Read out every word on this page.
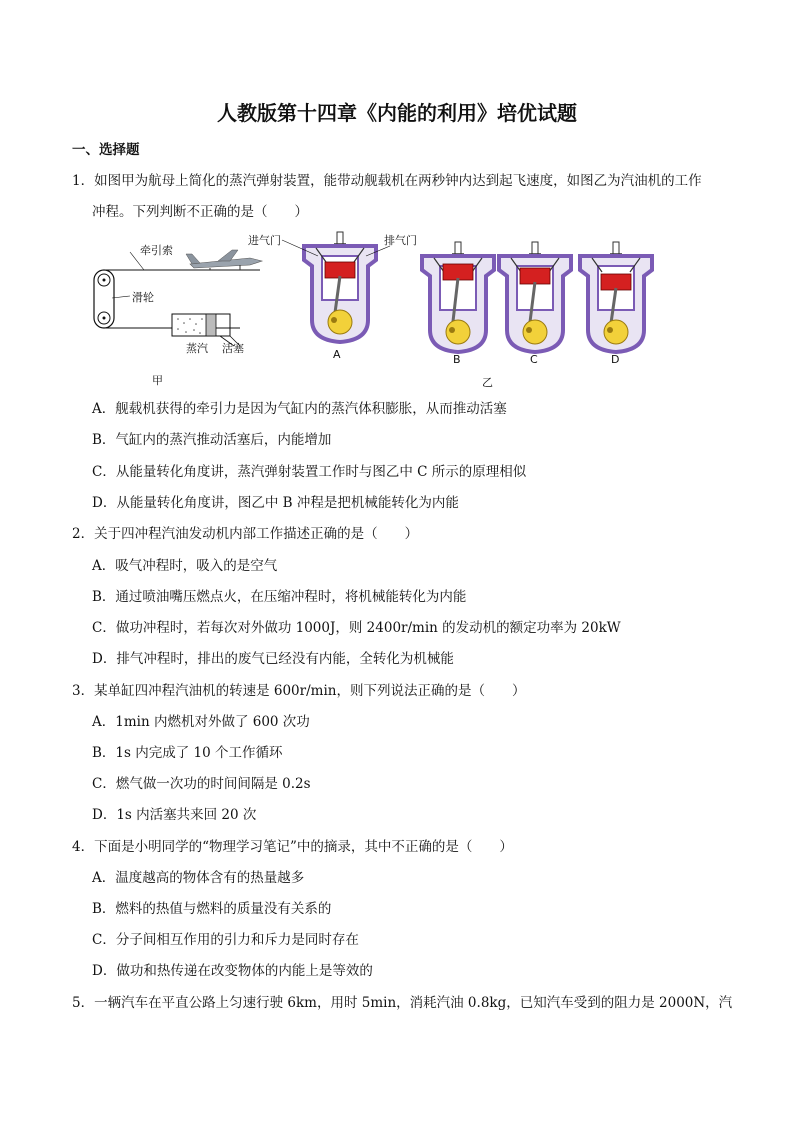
人教版第十四章《内能的利用》培优试题
一、选择题
1．如图甲为航母上简化的蒸汽弹射装置，能带动舰载机在两秒钟内达到起飞速度，如图乙为汽油机的工作
冲程。下列判断不正确的是（　　）
牵引索
滑轮
蒸汽 活塞
甲
进气门	排气门
乙
A	B	C	D
A．舰载机获得的牵引力是因为气缸内的蒸汽体积膨胀，从而推动活塞
B．气缸内的蒸汽推动活塞后，内能增加
C．从能量转化角度讲，蒸汽弹射装置工作时与图乙中 C 所示的原理相似
D．从能量转化角度讲，图乙中 B 冲程是把机械能转化为内能
2．关于四冲程汽油发动机内部工作描述正确的是（　　）
A．吸气冲程时，吸入的是空气
B．通过喷油嘴压燃点火，在压缩冲程时，将机械能转化为内能
C．做功冲程时，若每次对外做功 1000J，则 2400r/min 的发动机的额定功率为 20kW
D．排气冲程时，排出的废气已经没有内能，全转化为机械能
3．某单缸四冲程汽油机的转速是 600r/min，则下列说法正确的是（　　）
A．1min 内燃机对外做了 600 次功
B．1s 内完成了 10 个工作循环
C．燃气做一次功的时间间隔是 0.2s
D．1s 内活塞共来回 20 次
4．下面是小明同学的“物理学习笔记”中的摘录，其中不正确的是（　　）
A．温度越高的物体含有的热量越多
B．燃料的热值与燃料的质量没有关系的
C．分子间相互作用的引力和斥力是同时存在
D．做功和热传递在改变物体的内能上是等效的
5．一辆汽车在平直公路上匀速行驶 6km，用时 5min，消耗汽油 0.8kg，已知汽车受到的阻力是 2000N，汽
